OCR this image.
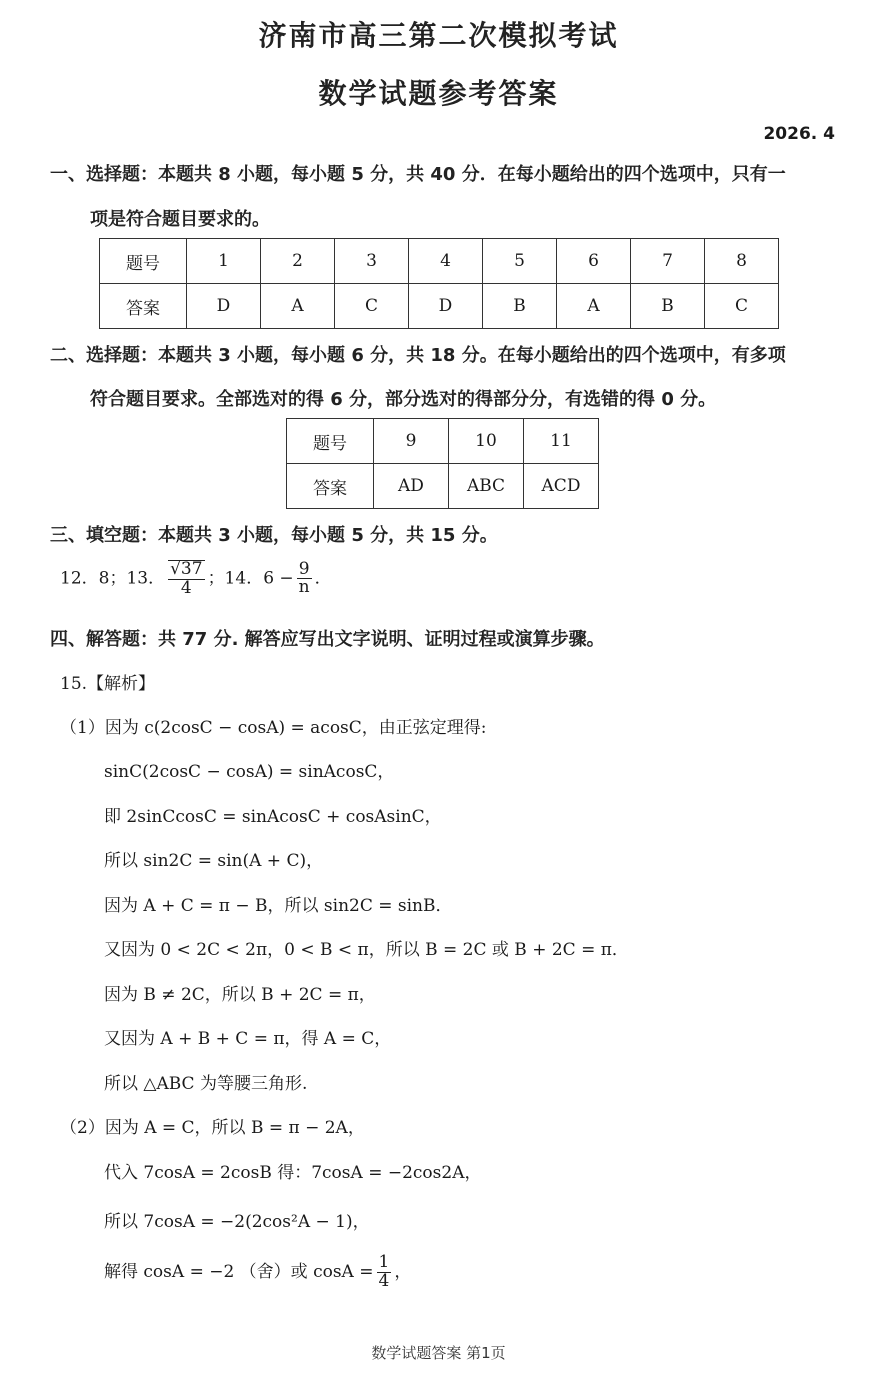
济南市高三第二次模拟考试
数学试题参考答案
2026. 4
一、选择题：本题共 8 小题，每小题 5 分，共 40 分．在每小题给出的四个选项中，只有一
项是符合题目要求的。
题号	1	2	3	4	5	6	7	8
答案	D	A	C	D	B	A	B	C
二、选择题：本题共 3 小题，每小题 6 分，共 18 分。在每小题给出的四个选项中，有多项
符合题目要求。全部选对的得 6 分，部分选对的得部分分，有选错的得 0 分。
题号	9	10	11
答案	AD	ABC	ACD
三、填空题：本题共 3 小题，每小题 5 分，共 15 分。
12．8；13． $\frac{√37}{4}$ ；14．$6 - \frac{9}{n}$ ．
四、解答题：共 77 分. 解答应写出文字说明、证明过程或演算步骤。
15.【解析】
（1）因为 c(2cosC − cosA) = acosC，由正弦定理得:
sinC(2cosC − cosA) = sinAcosC，
即 2sinCcosC = sinAcosC + cosAsinC，
所以 sin2C = sin(A + C)，
因为 A + C = π − B，所以 sin2C = sinB．
又因为 0 < 2C < 2π，0 < B < π，所以 B = 2C 或 B + 2C = π．
因为 B ≠ 2C，所以 B + 2C = π，
又因为 A + B + C = π，得 A = C，
所以 △ABC 为等腰三角形.
（2）因为 A = C，所以 B = π − 2A，
代入 7cosA = 2cosB 得：7cosA = −2cos2A，
所以 7cosA = −2(2cos²A − 1)，
解得 cosA = −2 （舍）或 $\cos A = \frac{1}{4}$ ，
数学试题答案 第1页
